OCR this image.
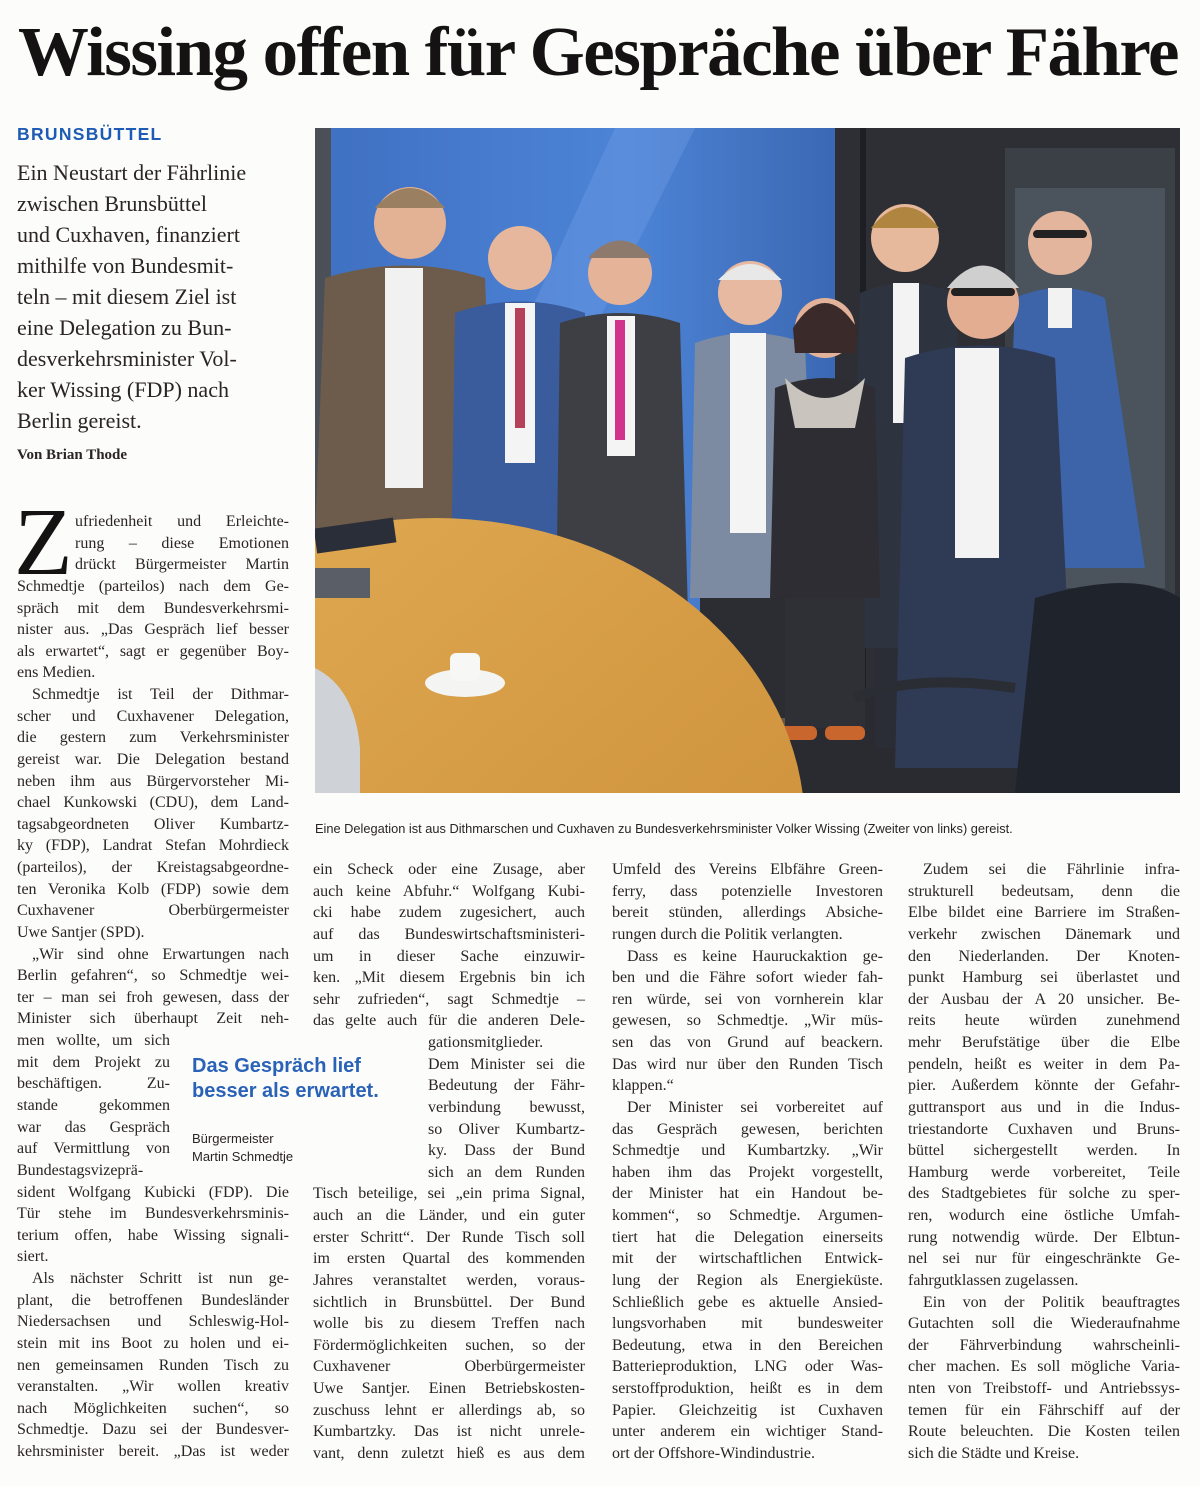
Wissing offen für Gespräche über Fähre
BRUNSBÜTTEL
Ein Neustart der Fährlinie
zwischen Brunsbüttel
und Cuxhaven, finanziert
mithilfe von Bundesmit-
teln – mit diesem Ziel ist
eine Delegation zu Bun-
desverkehrsminister Vol-
ker Wissing (FDP) nach
Berlin gereist.
Von Brian Thode
Eine Delegation ist aus Dithmarschen und Cuxhaven zu Bundesverkehrsminister Volker Wissing (Zweiter von links) gereist.
Z ufriedenheit und Erleichte-
rung – diese Emotionen
drückt Bürgermeister Martin
Schmedtje (parteilos) nach dem Ge-
spräch mit dem Bundesverkehrsmi-
nister aus. „Das Gespräch lief besser
als erwartet“, sagt er gegenüber Boy-
ens Medien.
Schmedtje ist Teil der Dithmar-
scher und Cuxhavener Delegation,
die gestern zum Verkehrsminister
gereist war. Die Delegation bestand
neben ihm aus Bürgervorsteher Mi-
chael Kunkowski (CDU), dem Land-
tagsabgeordneten Oliver Kumbartz-
ky (FDP), Landrat Stefan Mohrdieck
(parteilos), der Kreistagsabgeordne-
ten Veronika Kolb (FDP) sowie dem
Cuxhavener Oberbürgermeister
Uwe Santjer (SPD).
„Wir sind ohne Erwartungen nach
Berlin gefahren“, so Schmedtje wei-
ter – man sei froh gewesen, dass der
Minister sich überhaupt Zeit neh-
men wollte, um sich
mit dem Projekt zu
beschäftigen. Zu-
stande gekommen
war das Gespräch
auf Vermittlung von
Bundestagsvizeprä-
sident Wolfgang Kubicki (FDP). Die
Tür stehe im Bundesverkehrsminis-
terium offen, habe Wissing signali-
siert.
Als nächster Schritt ist nun ge-
plant, die betroffenen Bundesländer
Niedersachsen und Schleswig-Hol-
stein mit ins Boot zu holen und ei-
nen gemeinsamen Runden Tisch zu
veranstalten. „Wir wollen kreativ
nach Möglichkeiten suchen“, so
Schmedtje. Dazu sei der Bundesver-
kehrsminister bereit. „Das ist weder
ein Scheck oder eine Zusage, aber
auch keine Abfuhr.“ Wolfgang Kubi-
cki habe zudem zugesichert, auch
auf das Bundeswirtschaftsministeri-
um in dieser Sache einzuwir-
ken. „Mit diesem Ergebnis bin ich
sehr zufrieden“, sagt Schmedtje –
das gelte auch für die anderen Dele-
gationsmitglieder.
Dem Minister sei die
Bedeutung der Fähr-
verbindung bewusst,
so Oliver Kumbartz-
ky. Dass der Bund
sich an dem Runden
Tisch beteilige, sei „ein prima Signal,
auch an die Länder, und ein guter
erster Schritt“. Der Runde Tisch soll
im ersten Quartal des kommenden
Jahres veranstaltet werden, voraus-
sichtlich in Brunsbüttel. Der Bund
wolle bis zu diesem Treffen nach
Fördermöglichkeiten suchen, so der
Cuxhavener Oberbürgermeister
Uwe Santjer. Einen Betriebskosten-
zuschuss lehnt er allerdings ab, so
Kumbartzky. Das ist nicht unrele-
vant, denn zuletzt hieß es aus dem
Umfeld des Vereins Elbfähre Green-
ferry, dass potenzielle Investoren
bereit stünden, allerdings Absiche-
rungen durch die Politik verlangten.
Dass es keine Hauruckaktion ge-
ben und die Fähre sofort wieder fah-
ren würde, sei von vornherein klar
gewesen, so Schmedtje. „Wir müs-
sen das von Grund auf beackern.
Das wird nur über den Runden Tisch
klappen.“
Der Minister sei vorbereitet auf
das Gespräch gewesen, berichten
Schmedtje und Kumbartzky. „Wir
haben ihm das Projekt vorgestellt,
der Minister hat ein Handout be-
kommen“, so Schmedtje. Argumen-
tiert hat die Delegation einerseits
mit der wirtschaftlichen Entwick-
lung der Region als Energieküste.
Schließlich gebe es aktuelle Ansied-
lungsvorhaben mit bundesweiter
Bedeutung, etwa in den Bereichen
Batterieproduktion, LNG oder Was-
serstoffproduktion, heißt es in dem
Papier. Gleichzeitig ist Cuxhaven
unter anderem ein wichtiger Stand-
ort der Offshore-Windindustrie.
Zudem sei die Fährlinie infra-
strukturell bedeutsam, denn die
Elbe bildet eine Barriere im Straßen-
verkehr zwischen Dänemark und
den Niederlanden. Der Knoten-
punkt Hamburg sei überlastet und
der Ausbau der A 20 unsicher. Be-
reits heute würden zunehmend
mehr Berufstätige über die Elbe
pendeln, heißt es weiter in dem Pa-
pier. Außerdem könnte der Gefahr-
guttransport aus und in die Indus-
triestandorte Cuxhaven und Bruns-
büttel sichergestellt werden. In
Hamburg werde vorbereitet, Teile
des Stadtgebietes für solche zu sper-
ren, wodurch eine östliche Umfah-
rung notwendig würde. Der Elbtun-
nel sei nur für eingeschränkte Ge-
fahrgutklassen zugelassen.
Ein von der Politik beauftragtes
Gutachten soll die Wiederaufnahme
der Fährverbindung wahrscheinli-
cher machen. Es soll mögliche Varia-
nten von Treibstoff- und Antriebssys-
temen für ein Fährschiff auf der
Route beleuchten. Die Kosten teilen
sich die Städte und Kreise.
Das Gespräch lief
besser als erwartet.
Bürgermeister
Martin Schmedtje
